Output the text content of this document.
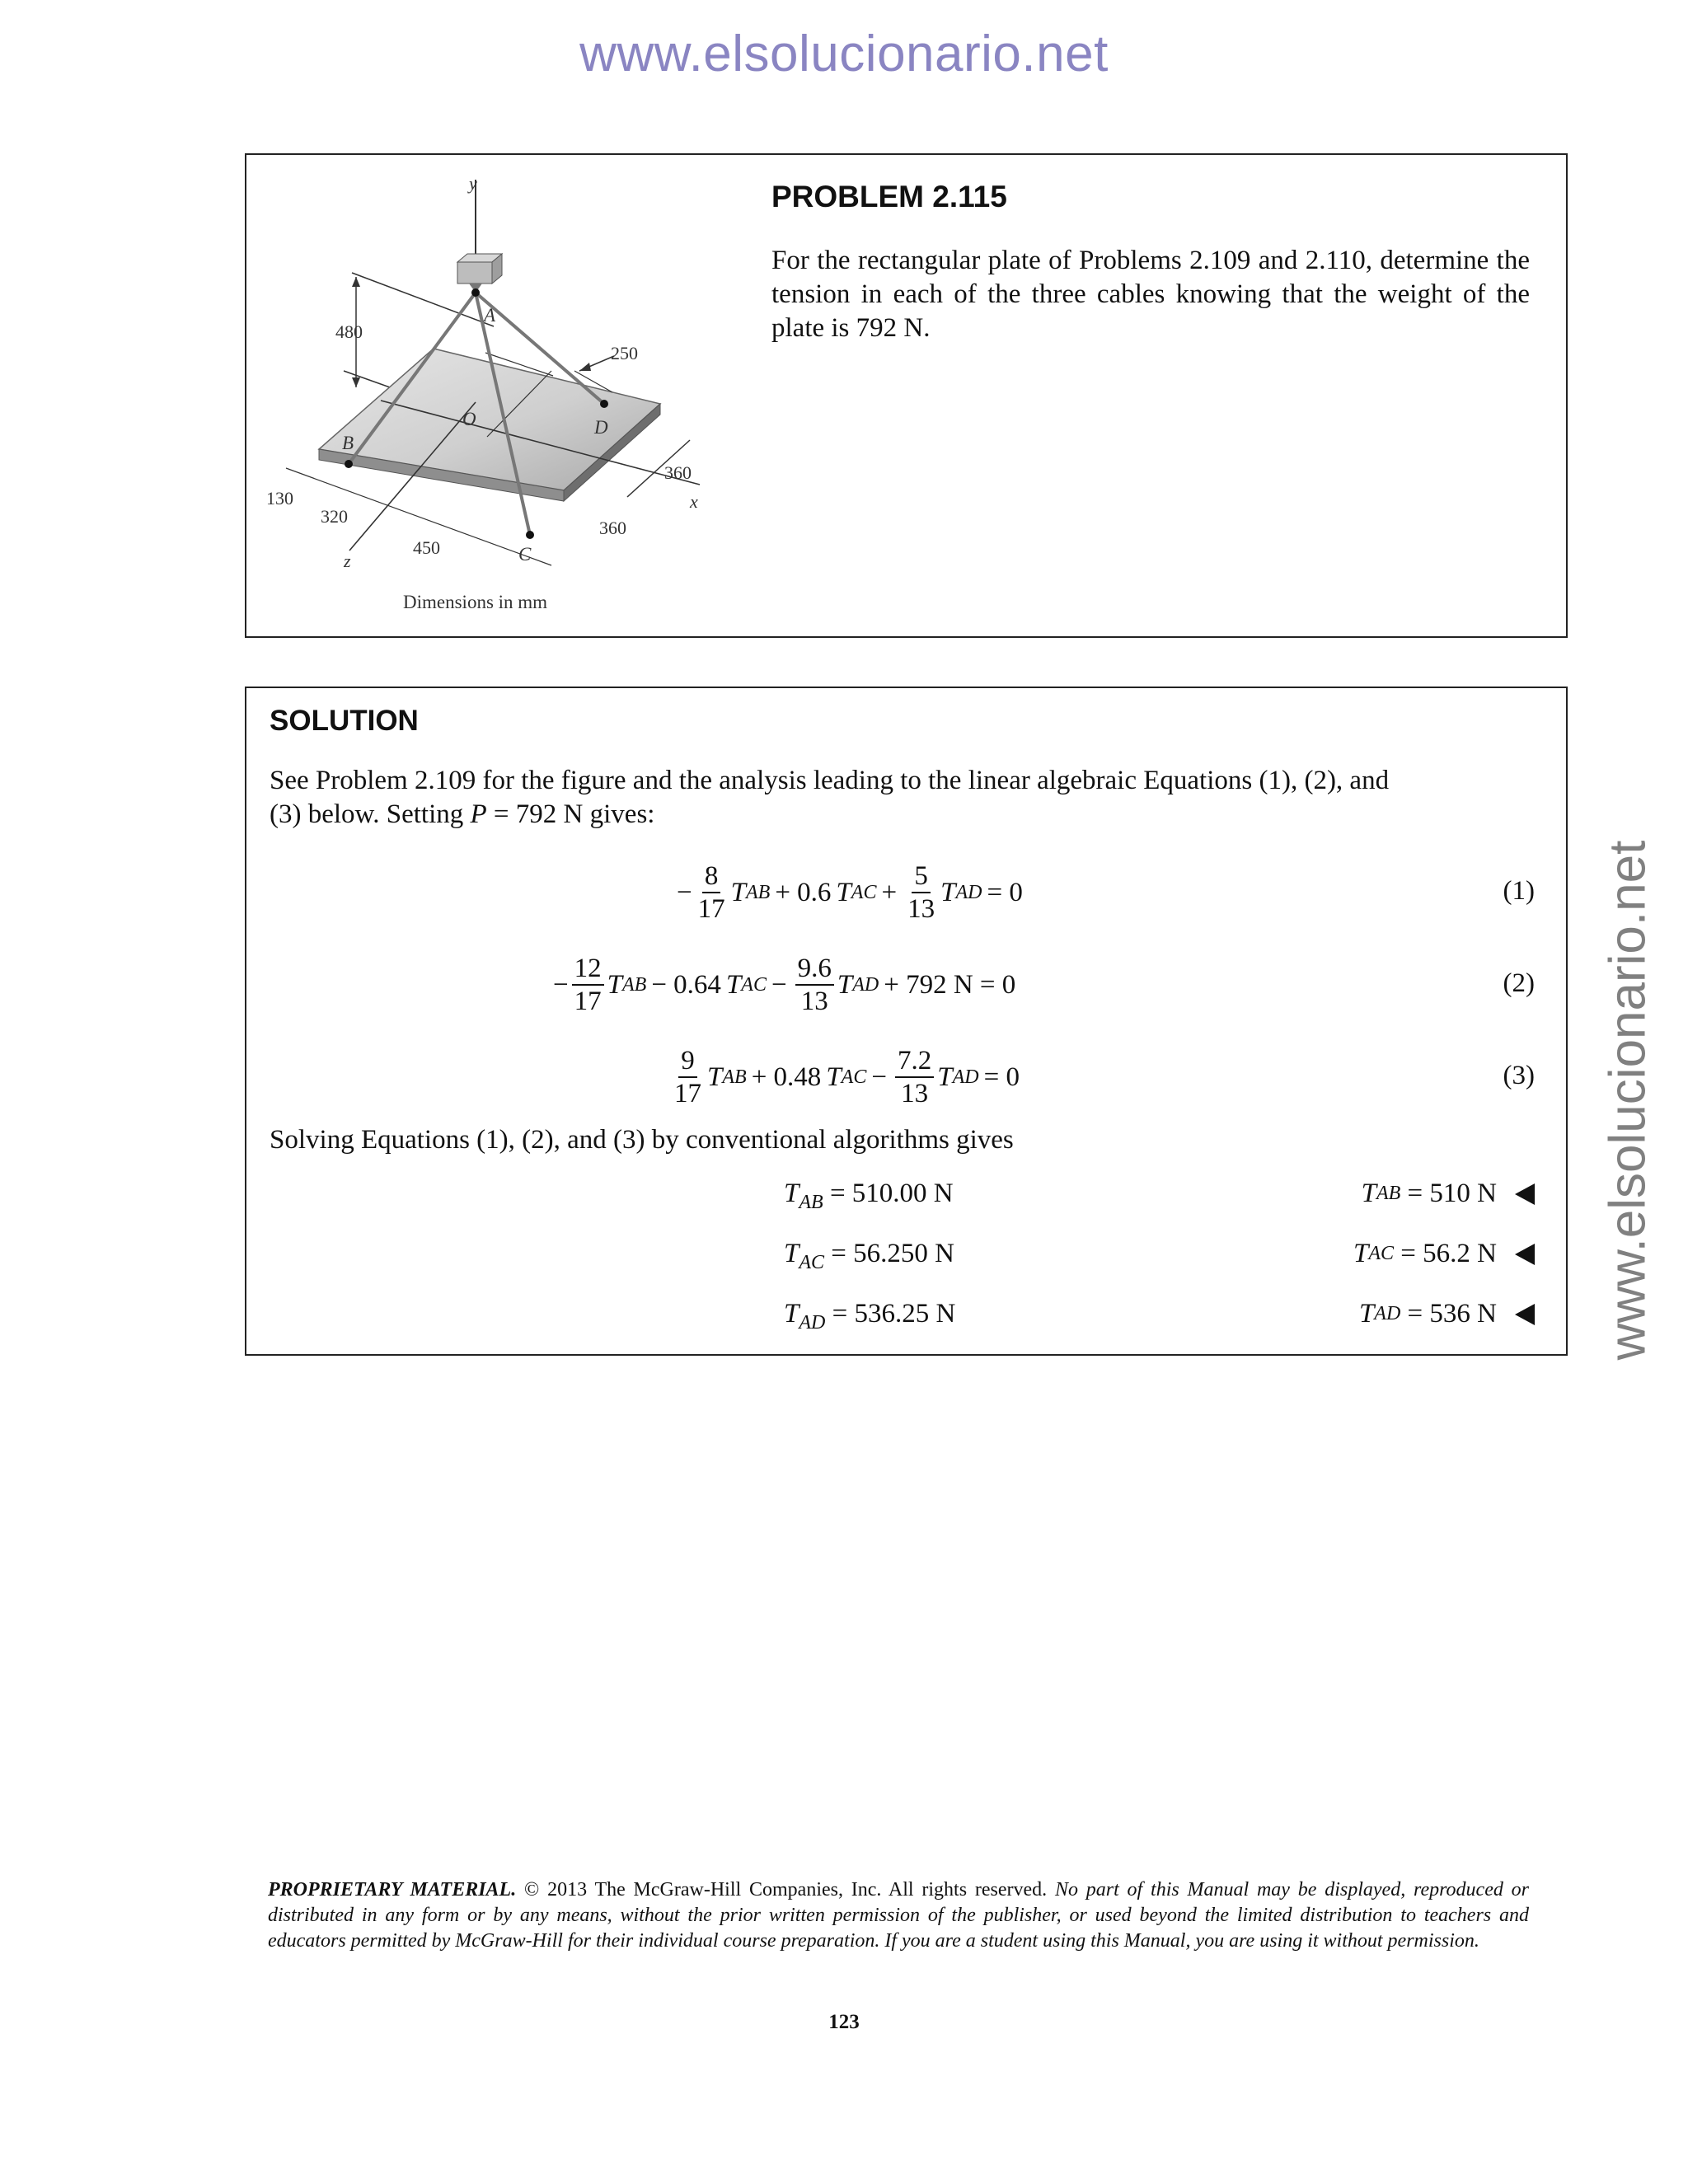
www.elsolucionario.net
www.elsolucionario.net
y
480
x
z
A
B
C
D
O
250
360
360
130
320
450
Dimensions in mm
PROBLEM 2.115
For the rectangular plate of Problems 2.109 and 2.110, determine the tension in each of the three cables knowing that the weight of the plate is 792 N.
SOLUTION
See Problem 2.109 for the figure and the analysis leading to the linear algebraic Equations (1), (2), and
(3) below. Setting P = 792 N gives:
− $\frac{8}{17}$ T AB + 0.6 T AC + $\frac{5}{13}$ T AD = 0	(1)
− $\frac{12}{17}$ T AB − 0.64 T AC − $\frac{9.6}{13}$ T AD + 792 N = 0	(2)
$\frac{9}{17}$ T AB + 0.48 T AC − $\frac{7.2}{13}$ T AD = 0	(3)
Solving Equations (1), (2), and (3) by conventional algorithms gives
$T_{AB} = 510.00$ N	T AB
= 510 N
$T_{AC} = 56.250$ N	T AC
= 56.2 N
$T_{AD} = 536.25$ N	T AD
= 536 N
PROPRIETARY MATERIAL. © 2013 The McGraw-Hill Companies, Inc. All rights reserved. No part of this Manual may be displayed, reproduced or distributed in any form or by any means, without the prior written permission of the publisher, or used beyond the limited distribution to teachers and educators permitted by McGraw-Hill for their individual course preparation. If you are a student using this Manual, you are using it without permission.
123
